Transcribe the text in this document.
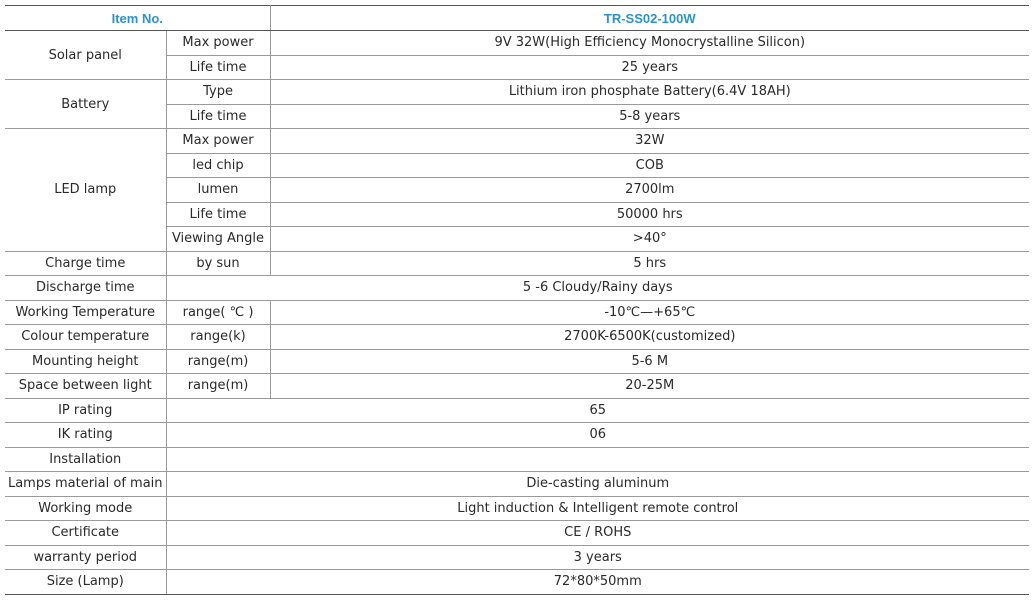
Item No.		TR-SS02-100W
Solar panel	Max power	9V 32W(High Efficiency Monocrystalline Silicon)
	Life time	25 years
Battery	Type	Lithium iron phosphate Battery(6.4V 18AH)
	Life time	5-8 years
LED lamp	Max power	32W
	led chip	COB
	lumen	2700lm
	Life time	50000 hrs
	Viewing Angle	>40°
Charge time	by sun	5 hrs
Discharge time	5 -6 Cloudy/Rainy days	
Working Temperature	range( ℃ )	-10℃—+65℃
Colour temperature	range(k)	2700K-6500K(customized)
Mounting height	range(m)	5-6 M
Space between light	range(m)	20-25M
IP rating	65	
IK rating	06	
Installation		
Lamps material of main	Die-casting aluminum	
Working mode	Light induction & Intelligent remote control	
Certificate	CE / ROHS	
warranty period	3 years	
Size (Lamp)	72*80*50mm	
